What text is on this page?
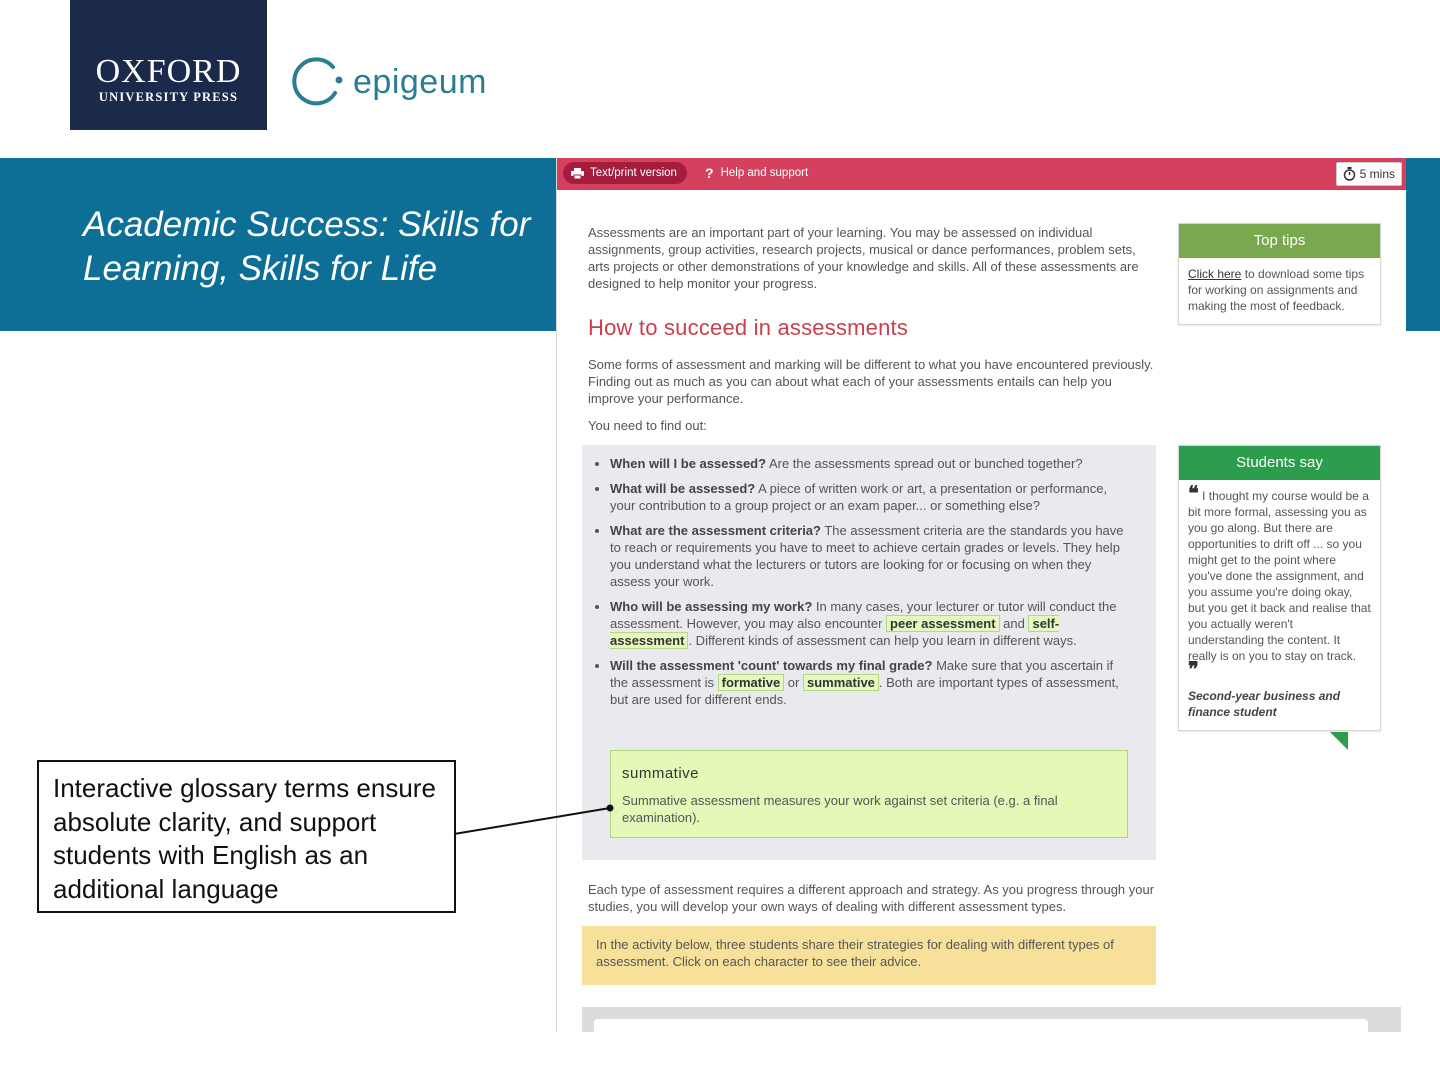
OXFORD
UNIVERSITY PRESS	epigeum
Academic Success: Skills for Learning, Skills for Life
Text/print version ? Help and support	5 mins
Assessments are an important part of your learning. You may be assessed on individual assignments, group activities, research projects, musical or dance performances, problem sets, arts projects or other demonstrations of your knowledge and skills. All of these assessments are designed to help monitor your progress.
How to succeed in assessments
Some forms of assessment and marking will be different to what you have encountered previously. Finding out as much as you can about what each of your assessments entails can help you improve your performance.
You need to find out:
• When will I be assessed? Are the assessments spread out or bunched together?
• What will be assessed? A piece of written work or art, a presentation or performance, your contribution to a group project or an exam paper... or something else?
• What are the assessment criteria? The assessment criteria are the standards you have to reach or requirements you have to meet to achieve certain grades or levels. They help you understand what the lecturers or tutors are looking for or focusing on when they assess your work.
• Who will be assessing my work? In many cases, your lecturer or tutor will conduct the assessment. However, you may also encounter peer assessment and self-assessment . Different kinds of assessment can help you learn in different ways.
• Will the assessment 'count' towards my final grade? Make sure that you ascertain if the assessment is formative or summative . Both are important types of assessment, but are used for different ends.
summative
Summative assessment measures your work against set criteria (e.g. a final examination).
Each type of assessment requires a different approach and strategy. As you progress through your studies, you will develop your own ways of dealing with different assessment types.
In the activity below, three students share their strategies for dealing with different types of assessment. Click on each character to see their advice.
Top tips
Click here to download some tips for working on assignments and making the most of feedback.
Students say
❝ I thought my course would be a bit more formal, assessing you as you go along. But there are opportunities to drift off ... so you might get to the point where you've done the assignment, and you assume you're doing okay, but you get it back and realise that you actually weren't understanding the content. It really is on you to stay on track.
❞
Second-year business and finance student
Interactive glossary terms ensure absolute clarity, and support students with English as an additional language
